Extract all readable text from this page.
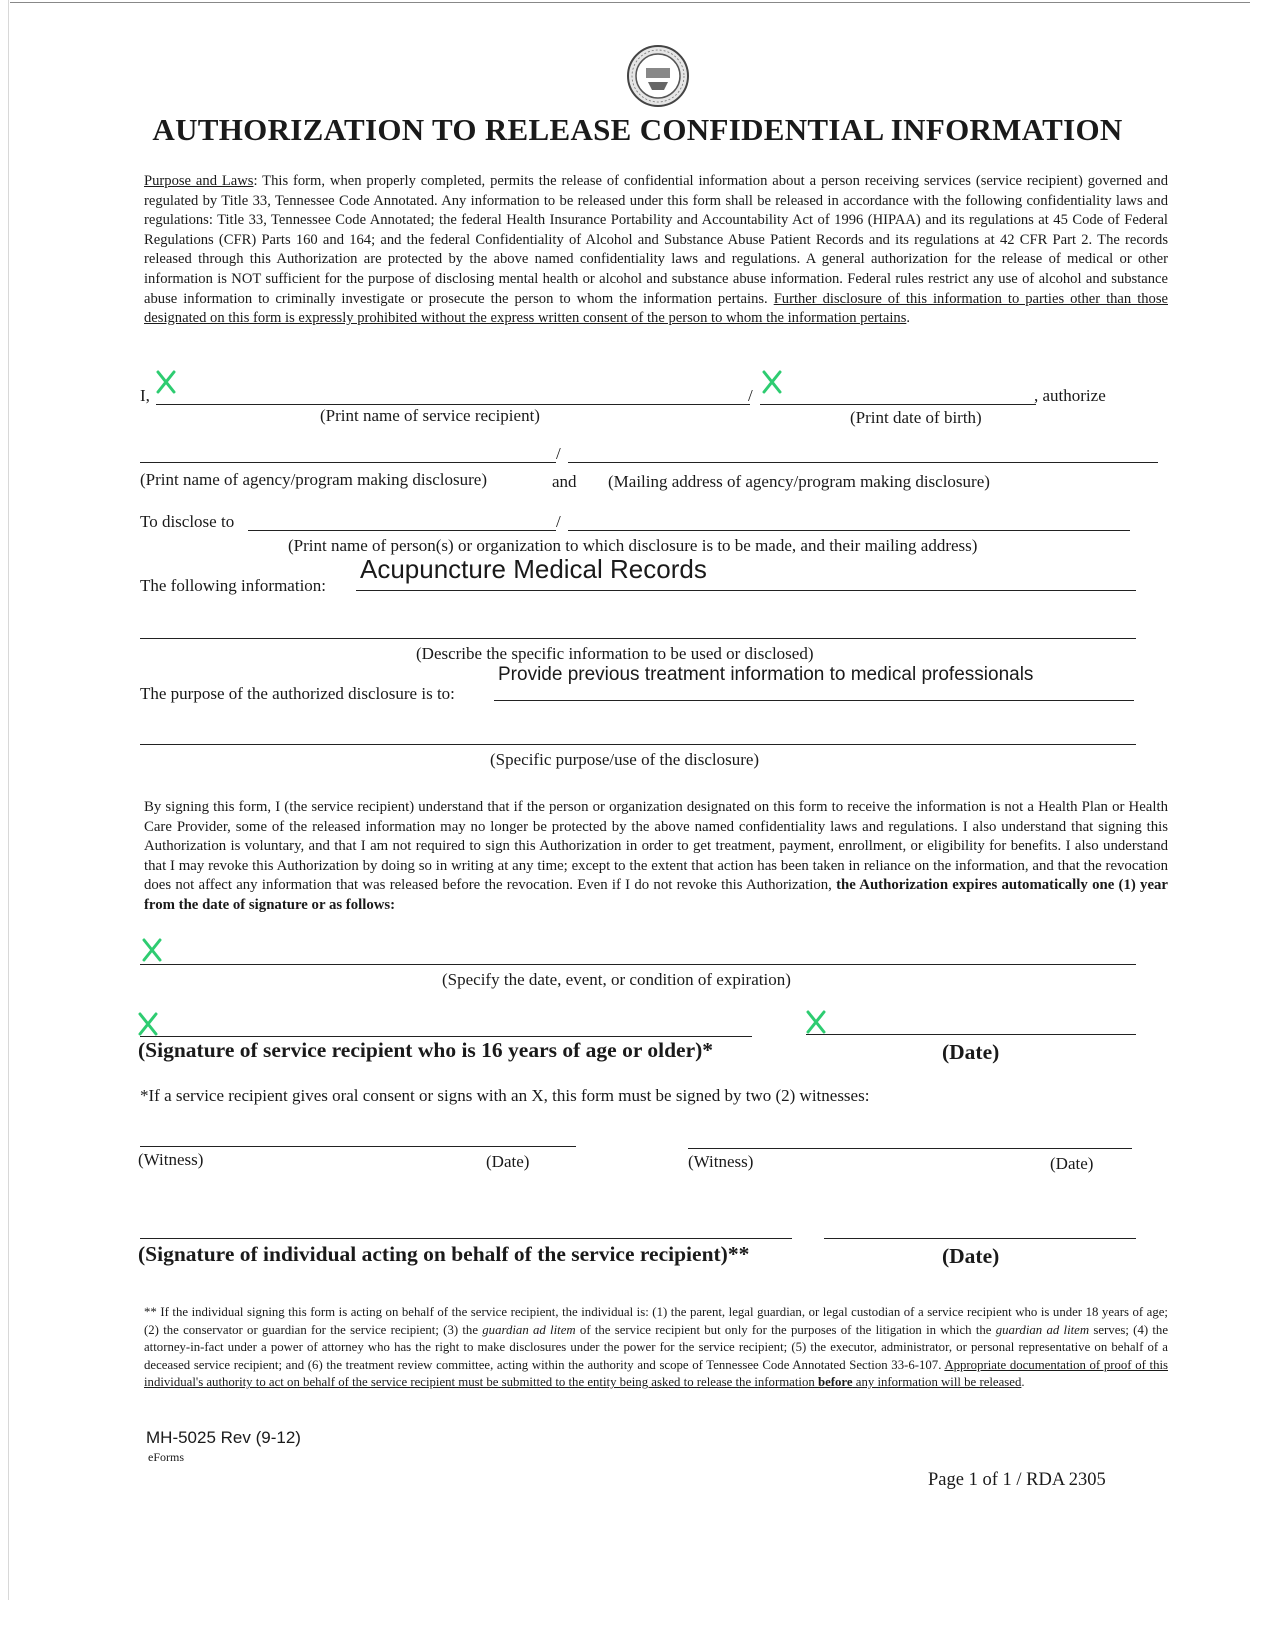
AUTHORIZATION TO RELEASE CONFIDENTIAL INFORMATION
Purpose and Laws: This form, when properly completed, permits the release of confidential information about a person receiving services (service recipient) governed and regulated by Title 33, Tennessee Code Annotated. Any information to be released under this form shall be released in accordance with the following confidentiality laws and regulations: Title 33, Tennessee Code Annotated; the federal Health Insurance Portability and Accountability Act of 1996 (HIPAA) and its regulations at 45 Code of Federal Regulations (CFR) Parts 160 and 164; and the federal Confidentiality of Alcohol and Substance Abuse Patient Records and its regulations at 42 CFR Part 2. The records released through this Authorization are protected by the above named confidentiality laws and regulations. A general authorization for the release of medical or other information is NOT sufficient for the purpose of disclosing mental health or alcohol and substance abuse information. Federal rules restrict any use of alcohol and substance abuse information to criminally investigate or prosecute the person to whom the information pertains. Further disclosure of this information to parties other than those designated on this form is expressly prohibited without the express written consent of the person to whom the information pertains.
I,	/	, authorize
(Print name of service recipient)	(Print date of birth)
/
(Print name of agency/program making disclosure)	and (Mailing address of agency/program making disclosure)
To disclose to	/
(Print name of person(s) or organization to which disclosure is to be made, and their mailing address)
The following information:
Acupuncture Medical Records
(Describe the specific information to be used or disclosed)
The purpose of the authorized disclosure is to:
Provide previous treatment information to medical professionals
(Specific purpose/use of the disclosure)
By signing this form, I (the service recipient) understand that if the person or organization designated on this form to receive the information is not a Health Plan or Health Care Provider, some of the released information may no longer be protected by the above named confidentiality laws and regulations. I also understand that signing this Authorization is voluntary, and that I am not required to sign this Authorization in order to get treatment, payment, enrollment, or eligibility for benefits. I also understand that I may revoke this Authorization by doing so in writing at any time; except to the extent that action has been taken in reliance on the information, and that the revocation does not affect any information that was released before the revocation. Even if I do not revoke this Authorization, the Authorization expires automatically one (1) year from the date of signature or as follows:
(Specify the date, event, or condition of expiration)
(Signature of service recipient who is 16 years of age or older)*	(Date)
*If a service recipient gives oral consent or signs with an X, this form must be signed by two (2) witnesses:
(Witness)	(Date)	(Witness)	(Date)
(Signature of individual acting on behalf of the service recipient)**	(Date)
** If the individual signing this form is acting on behalf of the service recipient, the individual is: (1) the parent, legal guardian, or legal custodian of a service recipient who is under 18 years of age; (2) the conservator or guardian for the service recipient; (3) the guardian ad litem of the service recipient but only for the purposes of the litigation in which the guardian ad litem serves; (4) the attorney-in-fact under a power of attorney who has the right to make disclosures under the power for the service recipient; (5) the executor, administrator, or personal representative on behalf of a deceased service recipient; and (6) the treatment review committee, acting within the authority and scope of Tennessee Code Annotated Section 33-6-107. Appropriate documentation of proof of this individual's authority to act on behalf of the service recipient must be submitted to the entity being asked to release the information before any information will be released.
MH-5025 Rev (9-12)
eForms
Page 1 of 1 / RDA 2305
